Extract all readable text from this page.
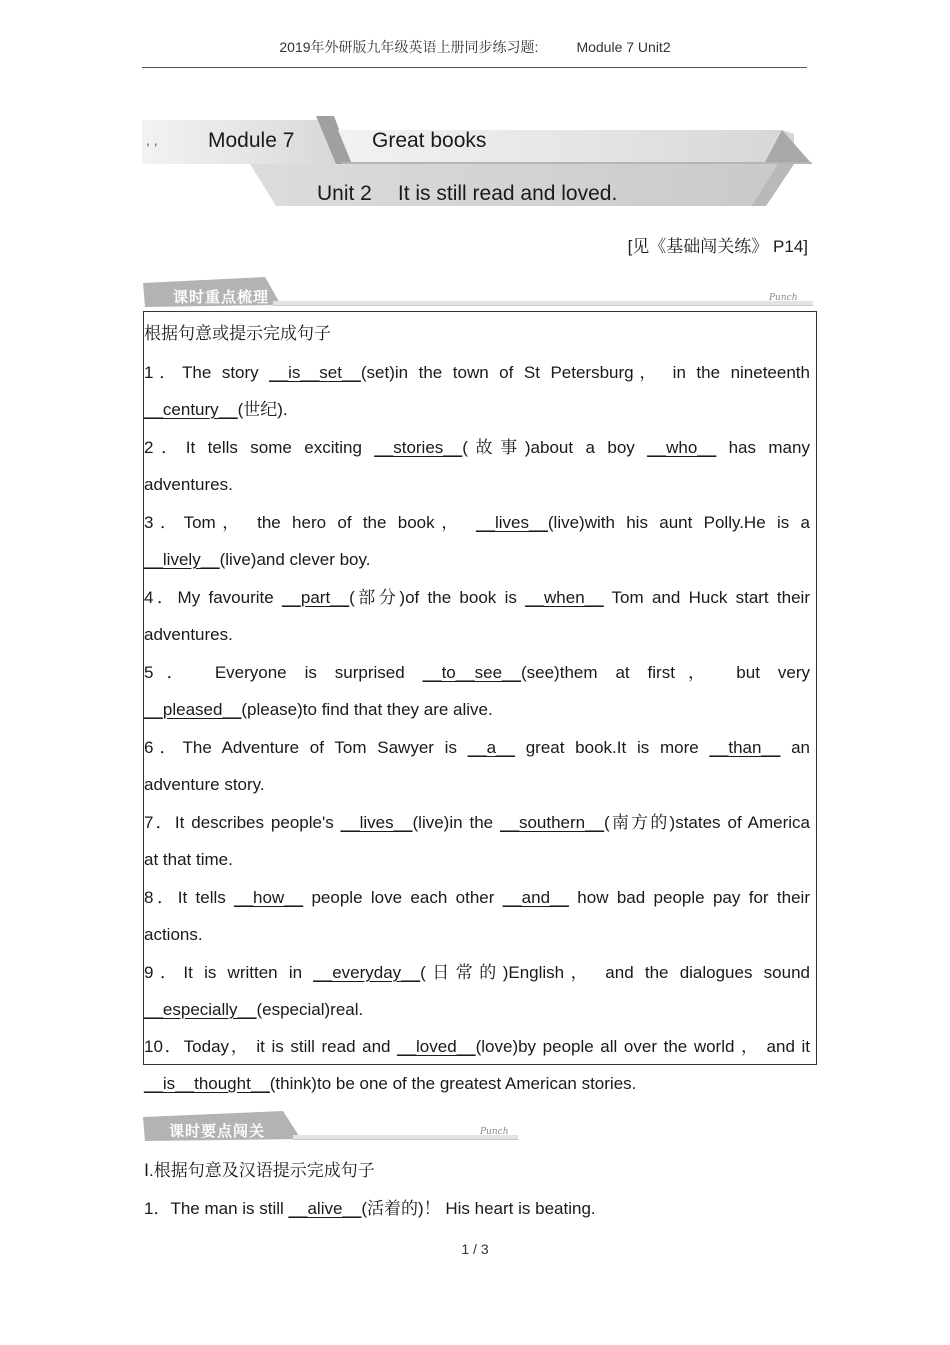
2019年外研版九年级英语上册同步练习题:	Module 7 Unit2
, , Module 7	Great books
Unit 2 It is still read and loved.
[见《基础闯关练》 P14]
课时重点梳理	Punch
根据句意或提示完成句子
1．The story __is__set__(set)in the town of St Petersburg， in the nineteenth
__century__(世纪).
2．It tells some exciting __stories__(故事)about a boy __who__ has many
adventures.
3．Tom， the hero of the book， __lives__(live)with his aunt Polly.He is a
__lively__(live)and clever boy.
4．My favourite __part__(部分)of the book is __when__ Tom and Huck start their
adventures.
5． Everyone is surprised __to__see__(see)them at first， but very
__pleased__(please)to find that they are alive.
6．The Adventure of Tom Sawyer is __a__ great book.It is more __than__ an
adventure story.
7．It describes people's __lives__(live)in the __southern__(南方的)states of America
at that time.
8．It tells __how__ people love each other __and__ how bad people pay for their
actions.
9．It is written in __everyday__(日常的)English， and the dialogues sound
__especially__(especial)real.
10．Today， it is still read and __loved__(love)by people all over the world ， and it
__is__thought__(think)to be one of the greatest American stories.
课时要点闯关	Punch
Ⅰ.根据句意及汉语提示完成句子
1．The man is still __alive__(活着的)！ His heart is beating.
1 / 3
